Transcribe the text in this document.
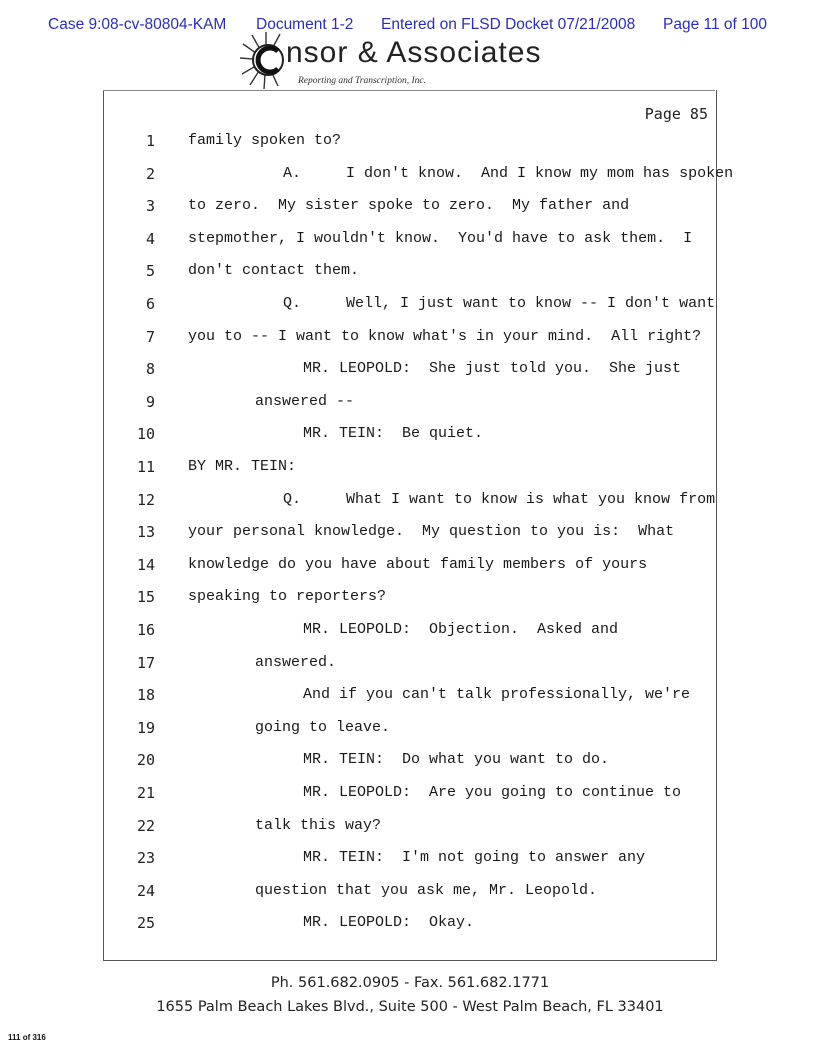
Case 9:08-cv-80804-KAM Document 1-2 Entered on FLSD Docket 07/21/2008 Page 11 of 100
nsor & Associates
Reporting and Transcription, Inc.
Page 85
1 family spoken to?
2	A.     I don't know.  And I know my mom has spoken
3 to zero.  My sister spoke to zero.  My father and
4 stepmother, I wouldn't know.  You'd have to ask them.  I
5 don't contact them.
6	Q.     Well, I just want to know -- I don't want
7 you to -- I want to know what's in your mind.  All right?
8	MR. LEOPOLD:  She just told you.  She just
9	answered --
10	MR. TEIN:  Be quiet.
11 BY MR. TEIN:
12	Q.     What I want to know is what you know from
13 your personal knowledge.  My question to you is:  What
14 knowledge do you have about family members of yours
15 speaking to reporters?
16	MR. LEOPOLD:  Objection.  Asked and
17	answered.
18	And if you can't talk professionally, we're
19	going to leave.
20	MR. TEIN:  Do what you want to do.
21	MR. LEOPOLD:  Are you going to continue to
22	talk this way?
23	MR. TEIN:  I'm not going to answer any
24	question that you ask me, Mr. Leopold.
25	MR. LEOPOLD:  Okay.
Ph. 561.682.0905 - Fax. 561.682.1771
1655 Palm Beach Lakes Blvd., Suite 500 - West Palm Beach, FL 33401
111 of 316
